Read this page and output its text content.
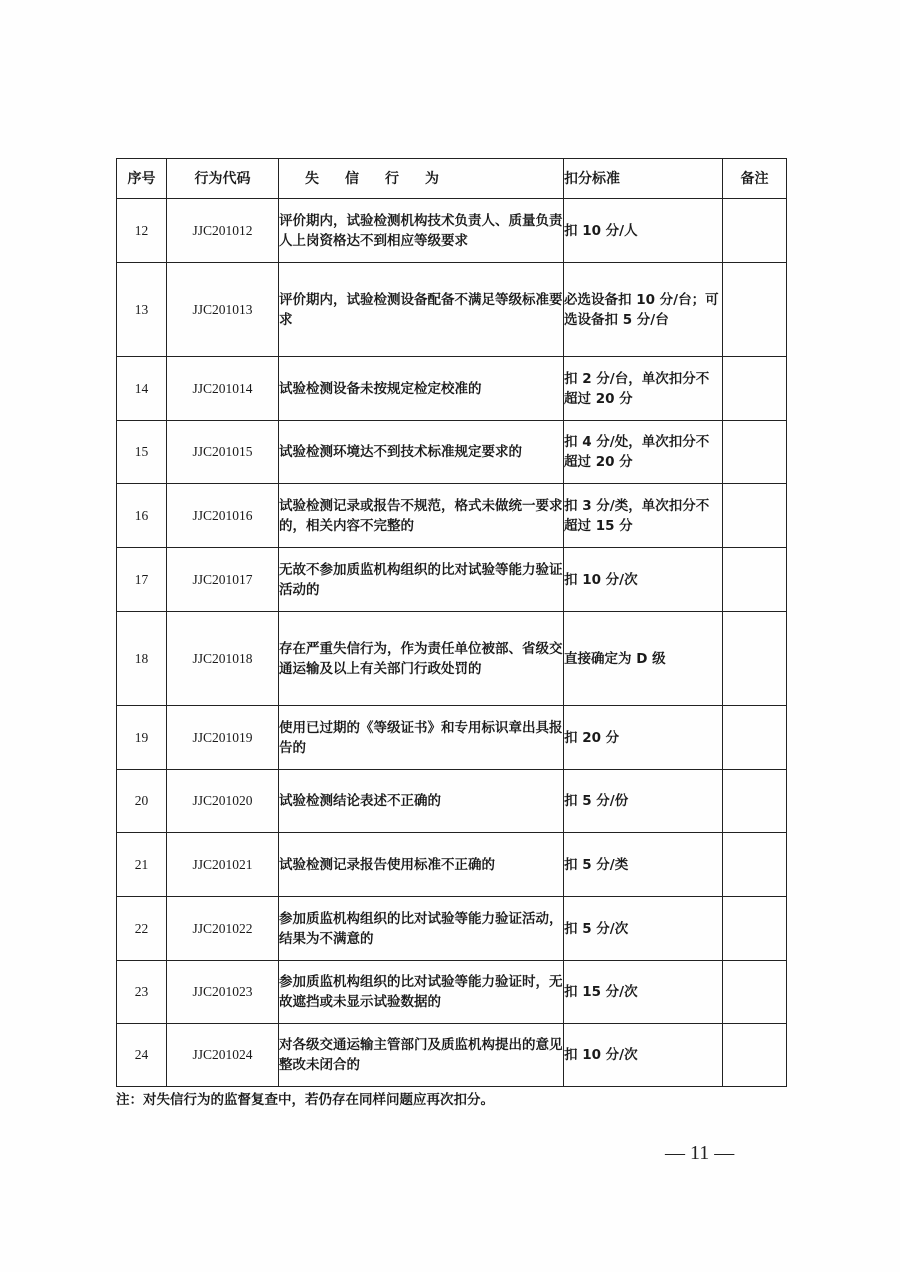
序号	行为代码	失信行为	扣分标准	备注
12	JJC201012	评价期内，试验检测机构技术负责人、质量负责人上岗资格达不到相应等级要求	扣 10 分/人	
13	JJC201013	评价期内，试验检测设备配备不满足等级标准要求	必选设备扣 10 分/台；可选设备扣 5 分/台	
14	JJC201014	试验检测设备未按规定检定校准的	扣 2 分/台，单次扣分不超过 20 分	
15	JJC201015	试验检测环境达不到技术标准规定要求的	扣 4 分/处，单次扣分不超过 20 分	
16	JJC201016	试验检测记录或报告不规范，格式未做统一要求的，相关内容不完整的	扣 3 分/类，单次扣分不超过 15 分	
17	JJC201017	无故不参加质监机构组织的比对试验等能力验证活动的	扣 10 分/次	
18	JJC201018	存在严重失信行为，作为责任单位被部、省级交通运输及以上有关部门行政处罚的	直接确定为 D 级	
19	JJC201019	使用已过期的《等级证书》和专用标识章出具报告的	扣 20 分	
20	JJC201020	试验检测结论表述不正确的	扣 5 分/份	
21	JJC201021	试验检测记录报告使用标准不正确的	扣 5 分/类	
22	JJC201022	参加质监机构组织的比对试验等能力验证活动，结果为不满意的	扣 5 分/次	
23	JJC201023	参加质监机构组织的比对试验等能力验证时，无故遮挡或未显示试验数据的	扣 15 分/次	
24	JJC201024	对各级交通运输主管部门及质监机构提出的意见整改未闭合的	扣 10 分/次	
注：对失信行为的监督复查中，若仍存在同样问题应再次扣分。
— 11 —
